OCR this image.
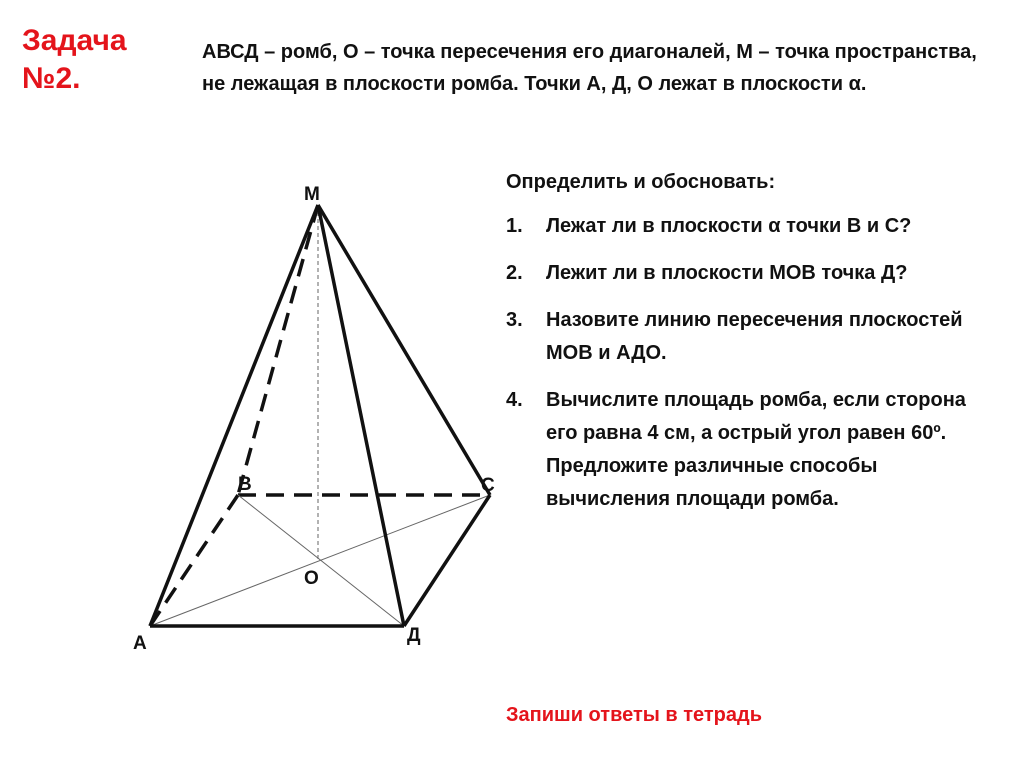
Задача №2.
АВСД – ромб, О – точка пересечения его диагоналей, М – точка пространства, не лежащая в плоскости ромба. Точки А, Д, О лежат в плоскости α.
М
В	С
О
А	Д
Определить и обосновать:
1. Лежат ли в плоскости α точки В и С?
2. Лежит ли в плоскости МОВ точка Д?
3. Назовите линию пересечения плоскостей МОВ и АДО.
4. Вычислите площадь ромба, если сторона его равна 4 см, а острый угол равен 60º. Предложите различные способы вычисления площади ромба.
Запиши ответы в тетрадь
